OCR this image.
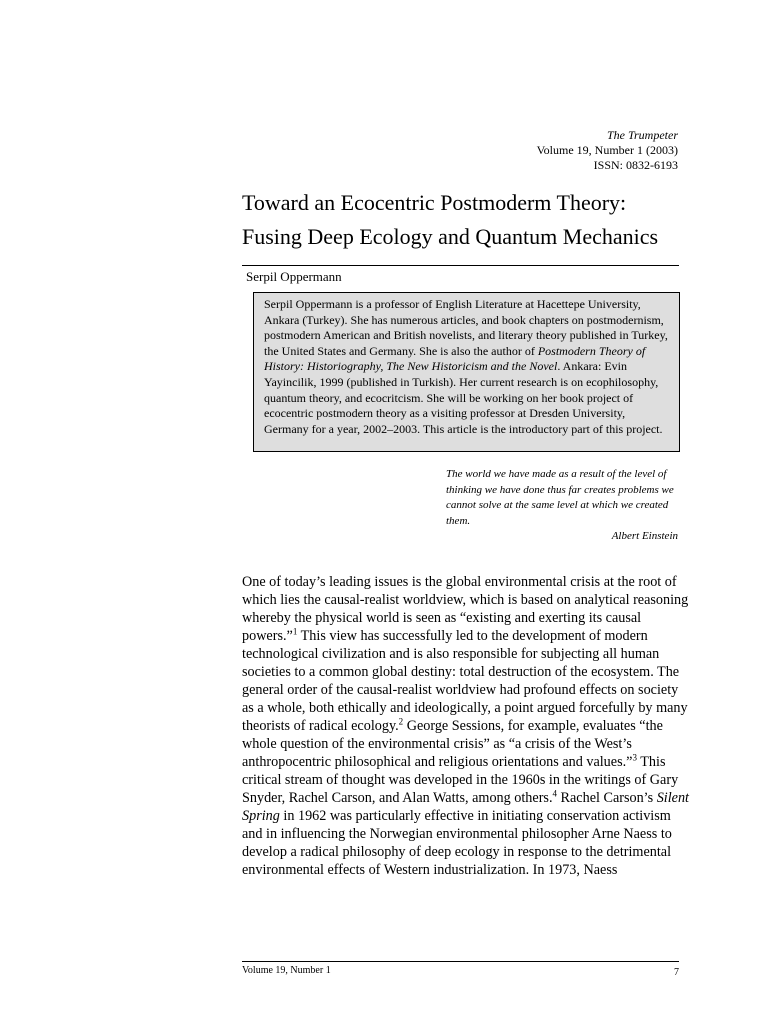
The Trumpeter
Volume 19, Number 1 (2003)
ISSN: 0832-6193
Toward an Ecocentric Postmoderm Theory:
Fusing Deep Ecology and Quantum Mechanics
Serpil Oppermann

Serpil Oppermann is a professor of English Literature at Hacettepe University, Ankara (Turkey). She has numerous articles, and book chapters on postmodernism, postmodern American and British novelists, and literary theory published in Turkey, the United States and Germany. She is also the author of Postmodern Theory of History: Historiography, The New Historicism and the Novel. Ankara: Evin Yayincilik, 1999 (published in Turkish). Her current research is on ecophilosophy, quantum theory, and ecocritcism. She will be working on her book project of ecocentric postmodern theory as a visiting professor at Dresden University, Germany for a year, 2002–2003. This article is the introductory part of this project.

The world we have made as a result of the level of thinking we have done thus far creates problems we cannot solve at the same level at which we created them.
Albert Einstein

One of today’s leading issues is the global environmental crisis at the root of which lies the causal-realist worldview, which is based on analytical reasoning whereby the physical world is seen as “existing and exerting its causal powers.”$^1$ This view has successfully led to the development of modern technological civilization and is also responsible for subjecting all human societies to a common global destiny: total destruction of the ecosystem. The general order of the causal-realist worldview had profound effects on society as a whole, both ethically and ideologically, a point argued forcefully by many theorists of radical ecology.$^2$ George Sessions, for example, evaluates “the whole question of the environmental crisis” as “a crisis of the West’s anthropocentric philosophical and religious orientations and values.”$^3$ This critical stream of thought was developed in the 1960s in the writings of Gary Snyder, Rachel Carson, and Alan Watts, among others.$^4$ Rachel Carson’s Silent Spring in 1962 was particularly effective in initiating conservation activism and in influencing the Norwegian environmental philosopher Arne Naess to develop a radical philosophy of deep ecology in response to the detrimental environmental effects of Western industrialization. In 1973, Naess

Volume 19, Number 1	7
